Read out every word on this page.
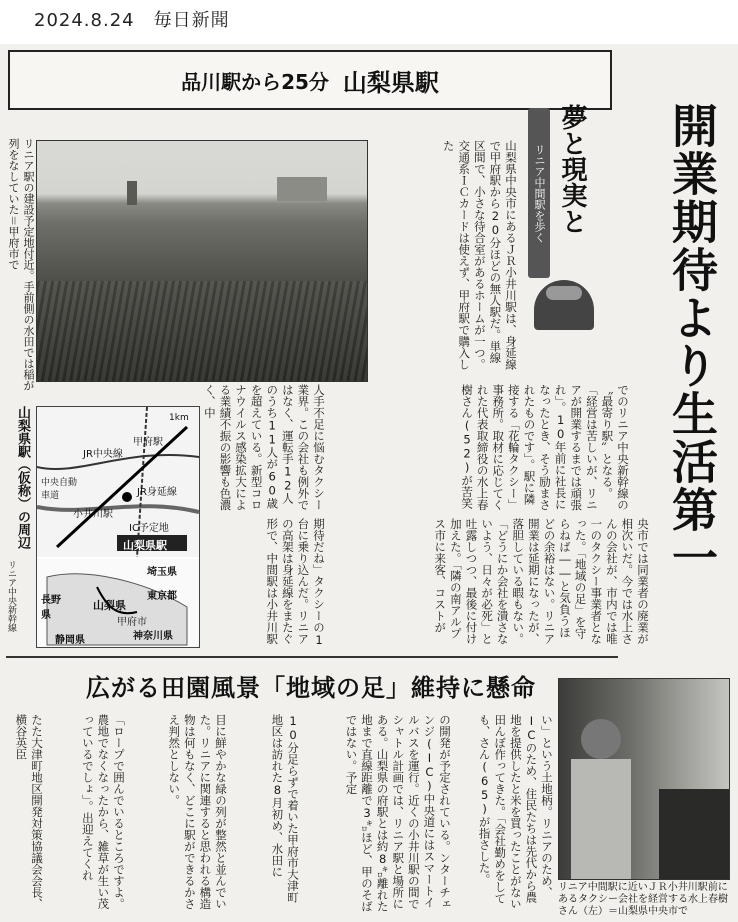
2024.8.24　毎日新聞
品川駅から25分 山梨県駅
開業期待より生活第一
夢と現実と
リニア中間駅を歩く
リニア駅の建設予定地付近。手前側の水田では稲が列をなしていた＝甲府市で	山梨県中央市にあるＪＲ小井川駅は、身延線で甲府駅から20分ほどの無人駅だ。単線区間で、小さな待合室があるホームが一つ。交通系ＩＣカードは使えず、甲府駅で購入した
でのリニア中央新幹線の〝最寄り駅〟となる。「経営は苦しいが、リニアが開業するまでは頑張れ」。10年前に社長になったとき、そう励まされたものです」。駅に隣接する「花輪タクシー」事務所。取材に応じてくれた代表取締役の水上春樹さん(52)が苦笑
央市では同業者の廃業が相次いだ。今では水上さんの会社が、市内では唯一のタクシー事業者となった。「地域の足」を守らねば――と気負うほどの余裕はない。リニア開業は延期になったが、落胆している暇もない。「どうにか会社を潰さないよう、日々が必死」と吐露しつつ、最後に付け加えた。「隣の南アルプス市に来客、コストが
人手不足に悩むタクシー業界。この会社も例外ではなく、運転手12人のうち11人が60歳を超えている。新型コロナウイルス感染拡大による業績不振の影響も色濃く、中
期待だね」タクシーの1台に乗り込んだ。リニアの高架は身延線をまたぐ形で、中間駅は小井川駅
甲府駅
JR中央線
中央自動車道
小井川駅
JR身延線
IC予定地
山梨県駅
埼玉県
東京都
長野県
山梨県
甲府市
神奈川県
静岡県
1km
山梨県駅（仮称）の周辺
リニア中央新幹線
広がる田園風景「地域の足」維持に懸命
たた大津町地区開発対策協議会会長、横谷英臣	「ロープで囲んでいるところですよ。農地でなくなったから、雑草が生い茂っているでしょ」。出迎えてくれ	目に鮮やかな緑の列が整然と並んでいた。リニアに関連すると思われる構造物は何もなく、どこに駅ができるかさえ判然としない。	10分足らずで着いた甲府市大津町地区は訪れた8月初め、水田に	の開発が予定されている。ンターチェンジ(IC)中央道にはスマートイルバスを運行。近くの小井川駅の間でシャトル計画では、リニア駅と場所にある。山梨県の府駅とは約8㌔離れた地まで直線距離で3㌔ほど、甲のそばではない。予定	い」という土地柄。リニアのため、ICのため、住民たちは先代から農地を提供したと米を買ったことがない田んぼ作ってきた。「会社勤めをしても、さん(65)が指さした。
リニア中間駅に近いＪＲ小井川駅前にあるタクシー会社を経営する水上春樹さん（左）＝山梨県中央市で
